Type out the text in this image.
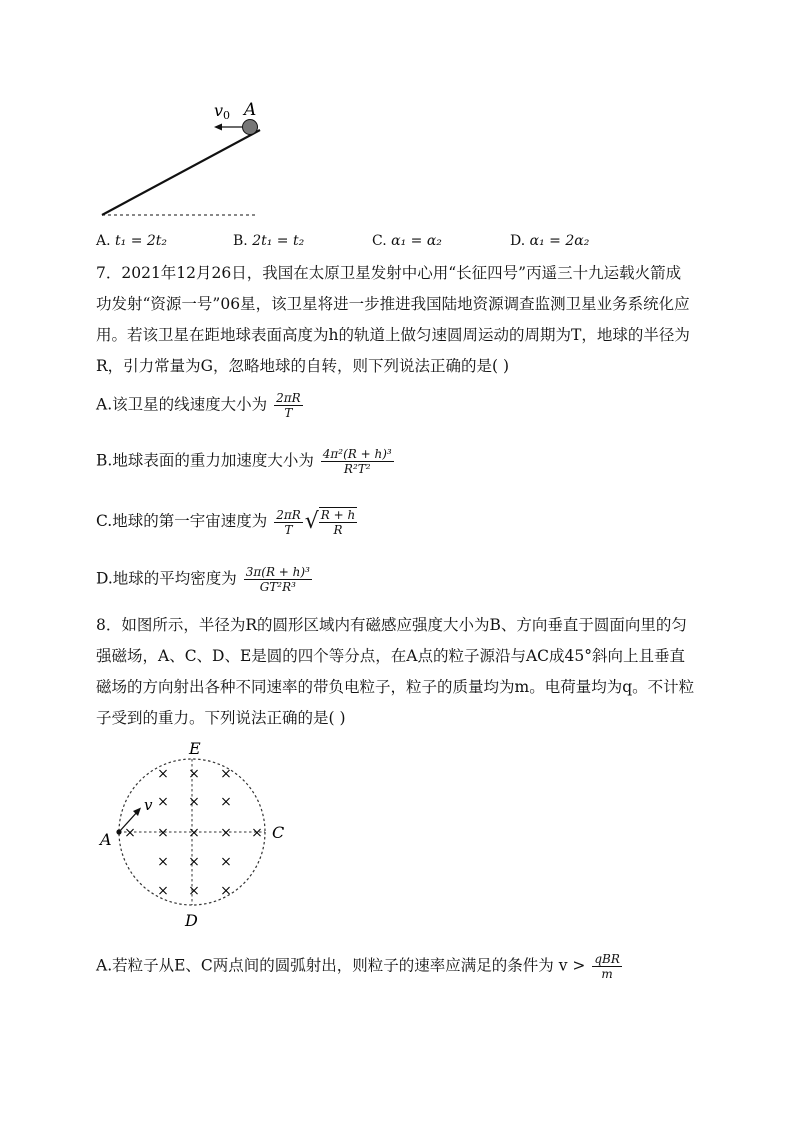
v0 A
A. t₁ = 2t₂	B. 2t₁ = t₂	C. α₁ = α₂	D. α₁ = 2α₂
7．2021年12月26日，我国在太原卫星发射中心用“长征四号”丙遥三十九运载火箭成功发射“资源一号”06星，该卫星将进一步推进我国陆地资源调查监测卫星业务系统化应用。若该卫星在距地球表面高度为h的轨道上做匀速圆周运动的周期为T，地球的半径为R，引力常量为G，忽略地球的自转，则下列说法正确的是( )
A.该卫星的线速度大小为 $\frac{2\pi R}{T}$
B.地球表面的重力加速度大小为 $\frac{\text{4π²(R + h)³}}{\text{R²T²}}$
C.地球的第一宇宙速度为 $\frac{2\pi R}{T}$ √ $\frac{R + h}{R}$
D.地球的平均密度为 $\frac{\text{3π(R + h)³}}{\text{GT²R³}}$
8．如图所示，半径为R的圆形区域内有磁感应强度大小为B、方向垂直于圆面向里的匀强磁场，A、C、D、E是圆的四个等分点，在A点的粒子源沿与AC成45°斜向上且垂直磁场的方向射出各种不同速率的带负电粒子，粒子的质量均为m。电荷量均为q。不计粒子受到的重力。下列说法正确的是( )
× × ×
× × ×
× × × × ×
× × ×
× × ×
v
E
A	C
D
A.若粒子从E、C两点间的圆弧射出，则粒子的速率应满足的条件为 $v > \frac{\text{qBR}}{m}$
